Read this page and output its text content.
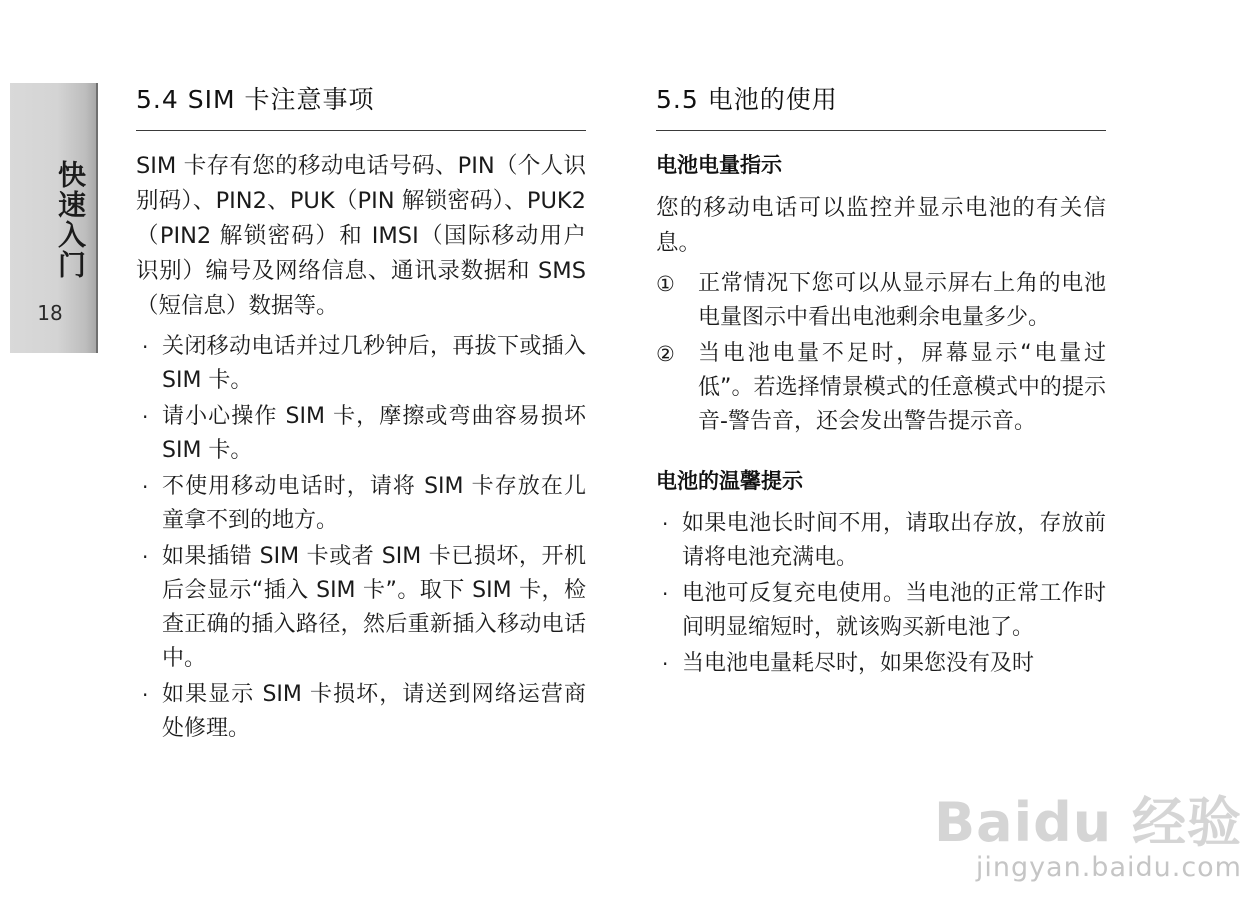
快速入门
18
5.4 SIM 卡注意事项

SIM 卡存有您的移动电话号码、PIN（个人识别码）、PIN2、PUK（PIN 解锁密码）、PUK2（PIN2 解锁密码）和 IMSI（国际移动用户识别）编号及网络信息、通讯录数据和 SMS（短信息）数据等。

· 关闭移动电话并过几秒钟后，再拔下或插入 SIM 卡。
· 请小心操作 SIM 卡，摩擦或弯曲容易损坏 SIM 卡。
· 不使用移动电话时，请将 SIM 卡存放在儿童拿不到的地方。
· 如果插错 SIM 卡或者 SIM 卡已损坏，开机后会显示“插入 SIM 卡”。取下 SIM 卡，检查正确的插入路径，然后重新插入移动电话中。
· 如果显示 SIM 卡损坏，请送到网络运营商处修理。
5.5 电池的使用
电池电量指示

您的移动电话可以监控并显示电池的有关信息。

① 正常情况下您可以从显示屏右上角的电池电量图示中看出电池剩余电量多少。
② 当电池电量不足时，屏幕显示“电量过低”。若选择情景模式的任意模式中的提示音-警告音，还会发出警告提示音。
电池的温馨提示
· 如果电池长时间不用，请取出存放，存放前请将电池充满电。
· 电池可反复充电使用。当电池的正常工作时间明显缩短时，就该购买新电池了。
· 当电池电量耗尽时，如果您没有及时
Baidu 经验
jingyan.baidu.com
